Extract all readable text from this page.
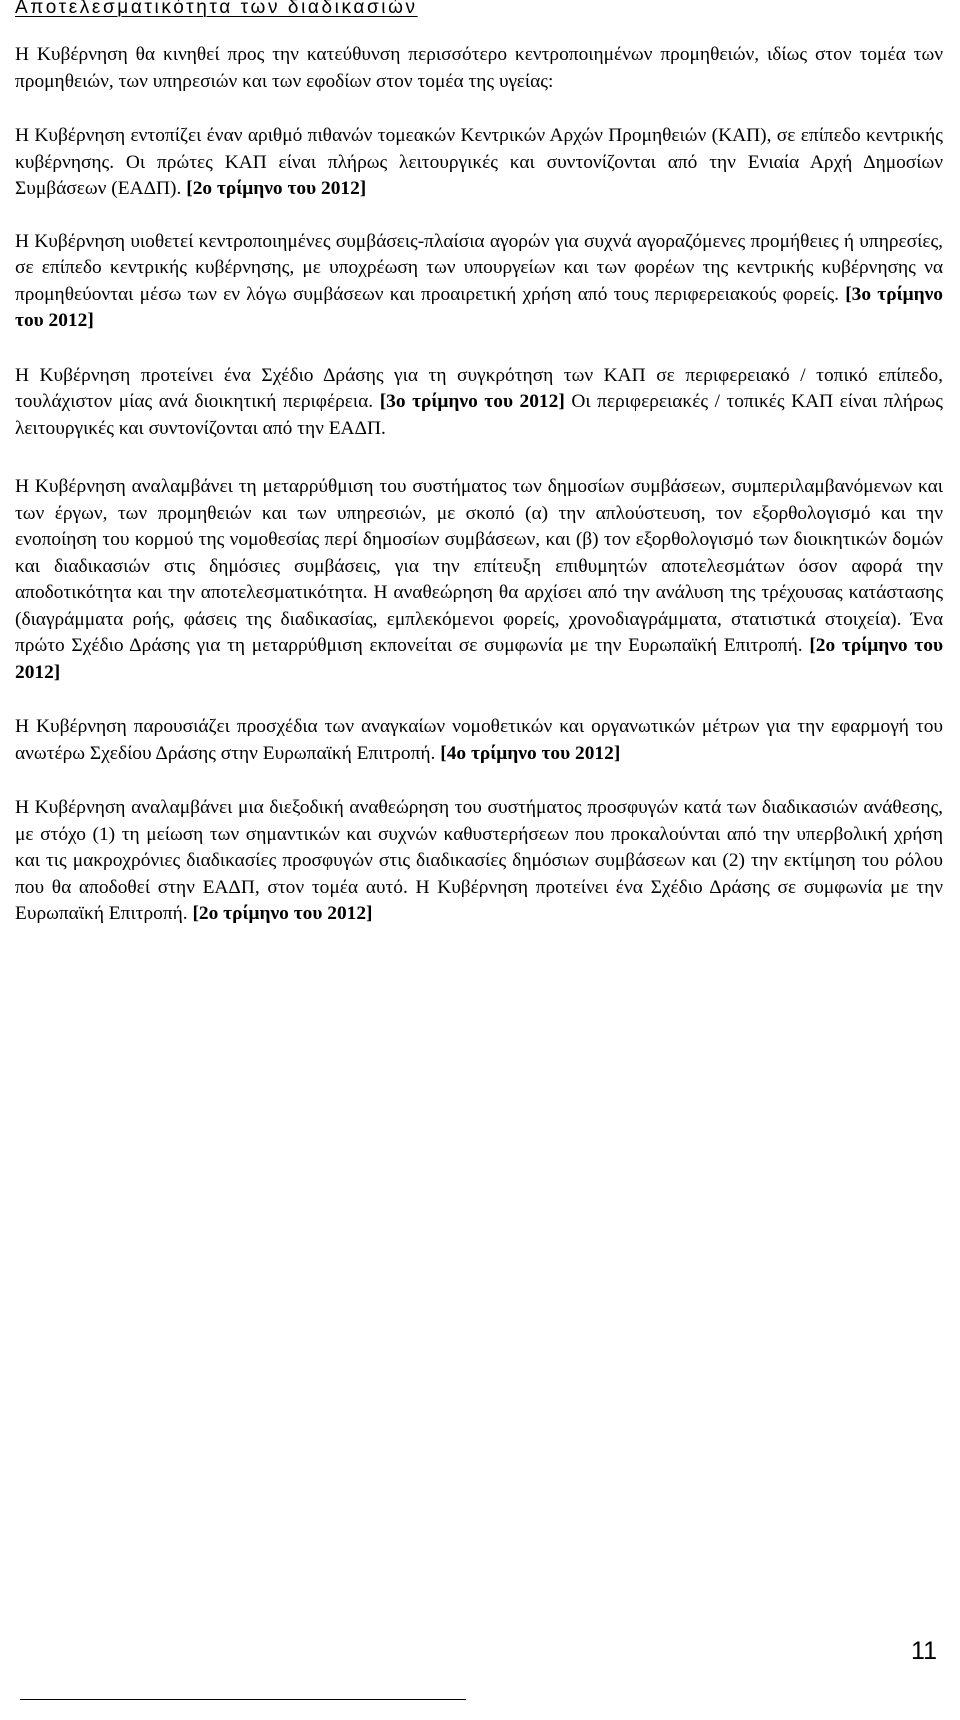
Αποτελεσματικότητα των διαδικασιών

Η Κυβέρνηση θα κινηθεί προς την κατεύθυνση περισσότερο κεντροποιημένων προμηθειών, ιδίως στον τομέα των προμηθειών, των υπηρεσιών και των εφοδίων στον τομέα της υγείας:

Η Κυβέρνηση εντοπίζει έναν αριθμό πιθανών τομεακών Κεντρικών Αρχών Προμηθειών (ΚΑΠ), σε επίπεδο κεντρικής κυβέρνησης. Οι πρώτες ΚΑΠ είναι πλήρως λειτουργικές και συντονίζονται από την Ενιαία Αρχή Δημοσίων Συμβάσεων (ΕΑΔΠ). [2ο τρίμηνο του 2012]

Η Κυβέρνηση υιοθετεί κεντροποιημένες συμβάσεις-πλαίσια αγορών για συχνά αγοραζόμενες προμήθειες ή υπηρεσίες, σε επίπεδο κεντρικής κυβέρνησης, με υποχρέωση των υπουργείων και των φορέων της κεντρικής κυβέρνησης να προμηθεύονται μέσω των εν λόγω συμβάσεων και προαιρετική χρήση από τους περιφερειακούς φορείς. [3ο τρίμηνο του 2012]

Η Κυβέρνηση προτείνει ένα Σχέδιο Δράσης για τη συγκρότηση των ΚΑΠ σε περιφερειακό / τοπικό επίπεδο, τουλάχιστον μίας ανά διοικητική περιφέρεια. [3ο τρίμηνο του 2012] Οι περιφερειακές / τοπικές ΚΑΠ είναι πλήρως λειτουργικές και συντονίζονται από την ΕΑΔΠ.

Η Κυβέρνηση αναλαμβάνει τη μεταρρύθμιση του συστήματος των δημοσίων συμβάσεων, συμπεριλαμβανόμενων και των έργων, των προμηθειών και των υπηρεσιών, με σκοπό (α) την απλούστευση, τον εξορθολογισμό και την ενοποίηση του κορμού της νομοθεσίας περί δημοσίων συμβάσεων, και (β) τον εξορθολογισμό των διοικητικών δομών και διαδικασιών στις δημόσιες συμβάσεις, για την επίτευξη επιθυμητών αποτελεσμάτων όσον αφορά την αποδοτικότητα και την αποτελεσματικότητα. Η αναθεώρηση θα αρχίσει από την ανάλυση της τρέχουσας κατάστασης (διαγράμματα ροής, φάσεις της διαδικασίας, εμπλεκόμενοι φορείς, χρονοδιαγράμματα, στατιστικά στοιχεία). Ένα πρώτο Σχέδιο Δράσης για τη μεταρρύθμιση εκπονείται σε συμφωνία με την Ευρωπαϊκή Επιτροπή. [2ο τρίμηνο του 2012]

Η Κυβέρνηση παρουσιάζει προσχέδια των αναγκαίων νομοθετικών και οργανωτικών μέτρων για την εφαρμογή του ανωτέρω Σχεδίου Δράσης στην Ευρωπαϊκή Επιτροπή. [4ο τρίμηνο του 2012]

Η Κυβέρνηση αναλαμβάνει μια διεξοδική αναθεώρηση του συστήματος προσφυγών κατά των διαδικασιών ανάθεσης, με στόχο (1) τη μείωση των σημαντικών και συχνών καθυστερήσεων που προκαλούνται από την υπερβολική χρήση και τις μακροχρόνιες διαδικασίες προσφυγών στις διαδικασίες δημόσιων συμβάσεων και (2) την εκτίμηση του ρόλου που θα αποδοθεί στην ΕΑΔΠ, στον τομέα αυτό. Η Κυβέρνηση προτείνει ένα Σχέδιο Δράσης σε συμφωνία με την Ευρωπαϊκή Επιτροπή. [2ο τρίμηνο του 2012]

11
